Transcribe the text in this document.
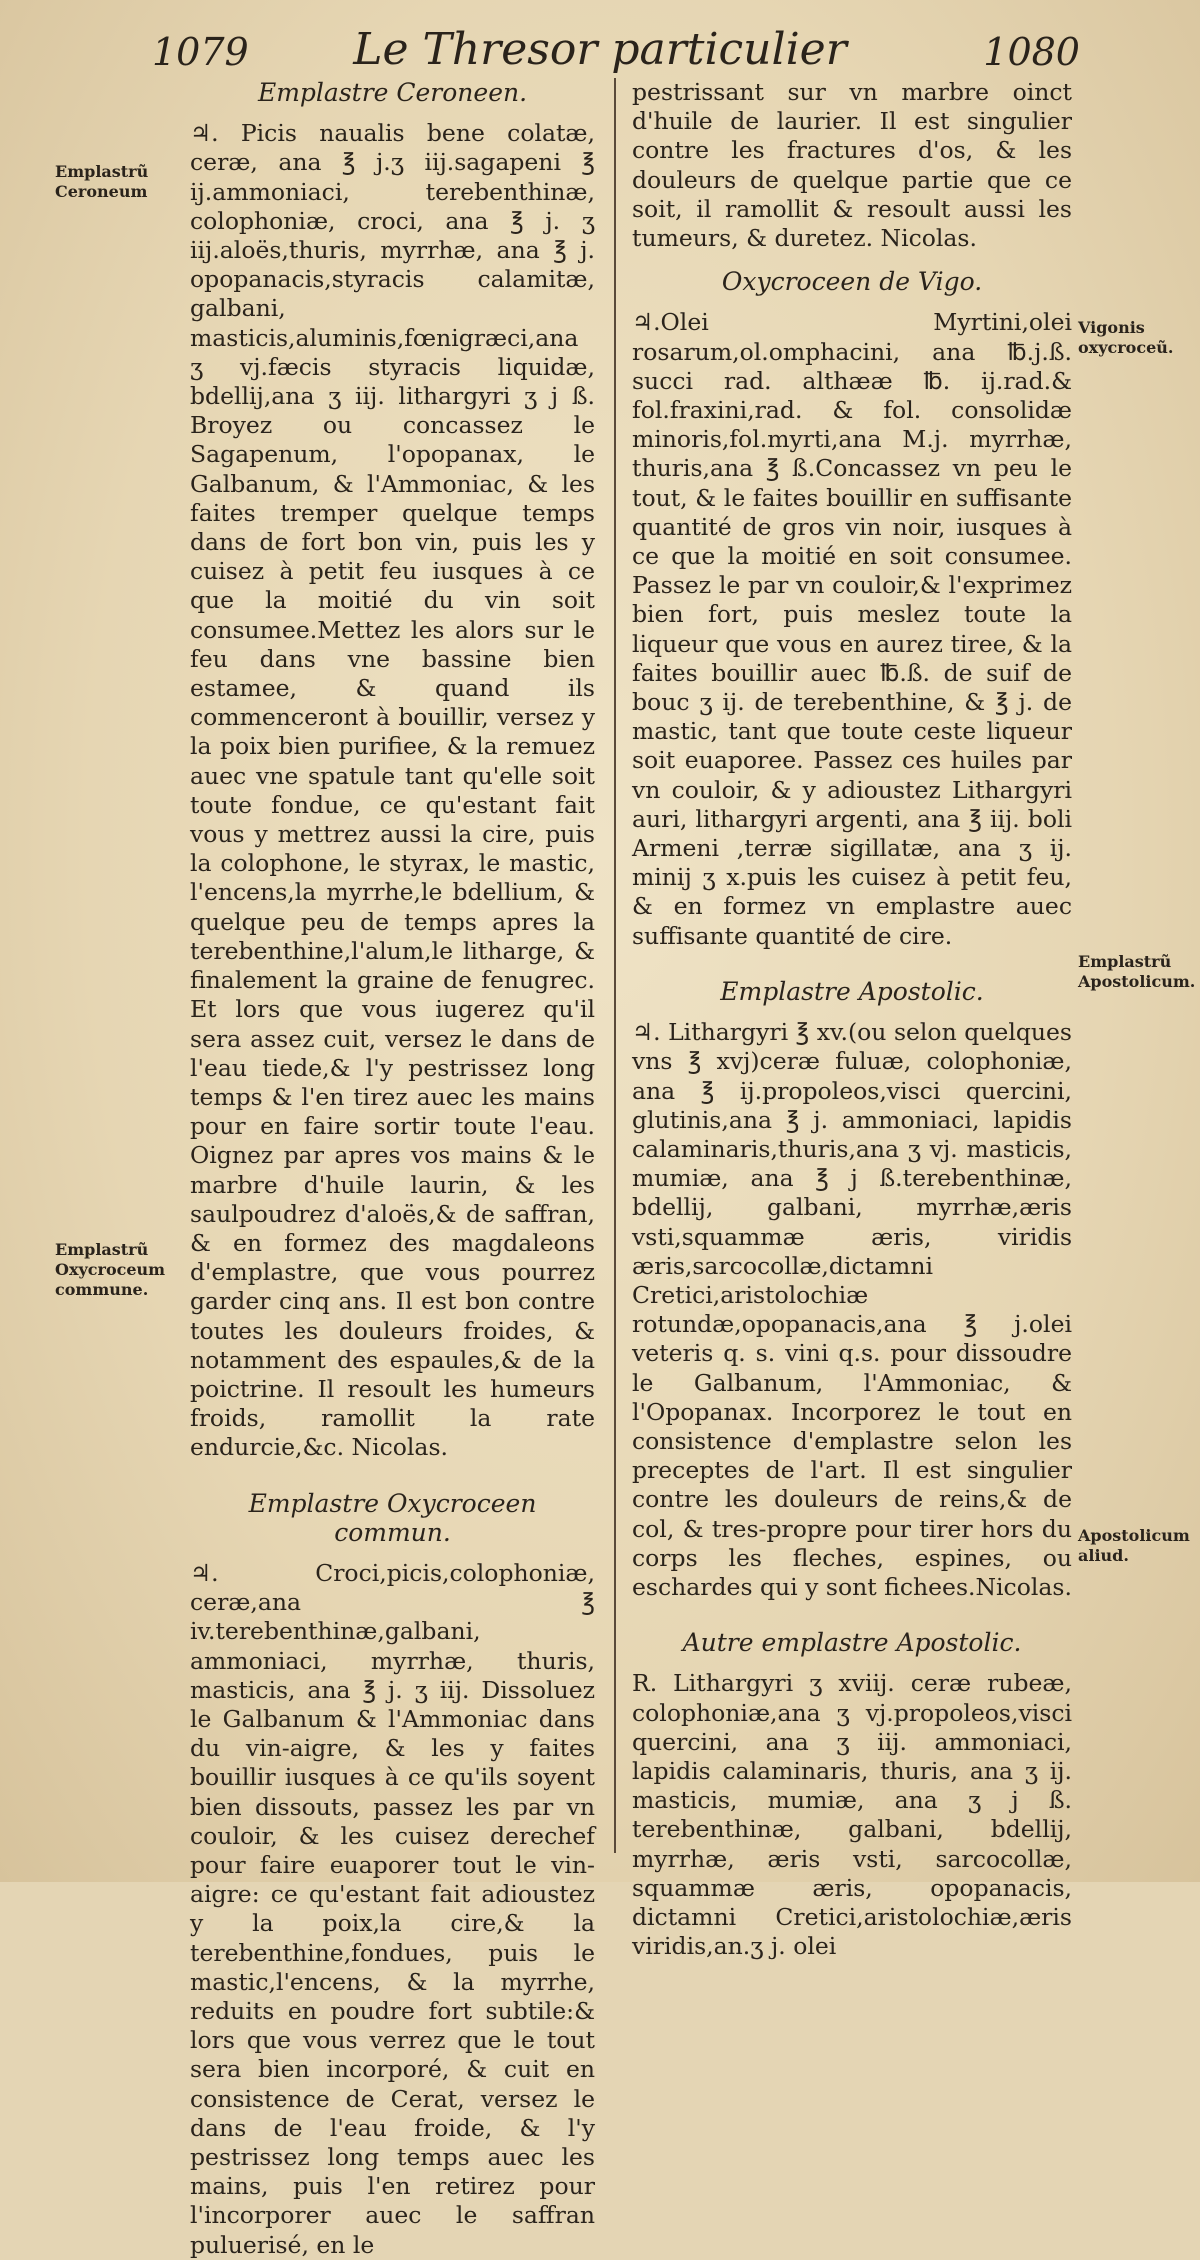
1079	Le Thresor particulier	1080
Emplastre Ceroneen.

♃. Picis naualis bene colatæ, ceræ, ana ℥ j.ʒ iij.sagapeni ℥ ij.ammoniaci, terebenthinæ, colophoniæ, croci, ana ℥ j. ʒ iij.aloës,thuris, myrrhæ, ana ℥ j. opopanacis,styracis calamitæ, galbani, masticis,aluminis,fœnigræci,ana ʒ vj.fæcis styracis liquidæ, bdellij,ana ʒ iij. lithargyri ʒ j ß. Broyez ou concassez le Sagapenum, l'opopanax, le Galbanum, & l'Ammoniac, & les faites tremper quelque temps dans de fort bon vin, puis les y cuisez à petit feu iusques à ce que la moitié du vin soit consumee.Mettez les alors sur le feu dans vne bassine bien estamee, & quand ils commenceront à bouillir, versez y la poix bien purifiee, & la remuez auec vne spatule tant qu'elle soit toute fondue, ce qu'estant fait vous y mettrez aussi la cire, puis la colophone, le styrax, le mastic, l'encens,la myrrhe,le bdellium, & quelque peu de temps apres la terebenthine,l'alum,le litharge, & finalement la graine de fenugrec. Et lors que vous iugerez qu'il sera assez cuit, versez le dans de l'eau tiede,& l'y pestrissez long temps & l'en tirez auec les mains pour en faire sortir toute l'eau. Oignez par apres vos mains & le marbre d'huile laurin, & les saulpoudrez d'aloës,& de saffran, & en formez des magdaleons d'emplastre, que vous pourrez garder cinq ans. Il est bon contre toutes les douleurs froides, & notamment des espaules,& de la poictrine. Il resoult les humeurs froids, ramollit la rate endurcie,&c. Nicolas.

Emplastre Oxycroceen commun.

♃. Croci,picis,colophoniæ, ceræ,ana ℥ iv.terebenthinæ,galbani, ammoniaci, myrrhæ, thuris, masticis, ana ℥ j. ʒ iij. Dissoluez le Galbanum & l'Ammoniac dans du vin-aigre, & les y faites bouillir iusques à ce qu'ils soyent bien dissouts, passez les par vn couloir, & les cuisez derechef pour faire euaporer tout le vin-aigre: ce qu'estant fait adioustez y la poix,la cire,& la terebenthine,fondues, puis le mastic,l'encens, & la myrrhe, reduits en poudre fort subtile:& lors que vous verrez que le tout sera bien incorporé, & cuit en consistence de Cerat, versez le dans de l'eau froide, & l'y pestrissez long temps auec les mains, puis l'en retirez pour l'incorporer auec le saffran puluerisé, en le

pestrissant sur vn marbre oinct d'huile de laurier. Il est singulier contre les fractures d'os, & les douleurs de quelque partie que ce soit, il ramollit & resoult aussi les tumeurs, & duretez. Nicolas.

Oxycroceen de Vigo.

♃.Olei Myrtini,olei rosarum,ol.omphacini, ana ℔.j.ß. succi rad. althææ ℔. ij.rad.& fol.fraxini,rad. & fol. consolidæ minoris,fol.myrti,ana M.j. myrrhæ, thuris,ana ℥ ß.Concassez vn peu le tout, & le faites bouillir en suffisante quantité de gros vin noir, iusques à ce que la moitié en soit consumee. Passez le par vn couloir,& l'exprimez bien fort, puis meslez toute la liqueur que vous en aurez tiree, & la faites bouillir auec ℔.ß. de suif de bouc ʒ ij. de terebenthine, & ℥ j. de mastic, tant que toute ceste liqueur soit euaporee. Passez ces huiles par vn couloir, & y adioustez Lithargyri auri, lithargyri argenti, ana ℥ iij. boli Armeni ,terræ sigillatæ, ana ʒ ij. minij ʒ x.puis les cuisez à petit feu, & en formez vn emplastre auec suffisante quantité de cire.

Emplastre Apostolic.

♃. Lithargyri ℥ xv.(ou selon quelques vns ℥ xvj)ceræ fuluæ, colophoniæ, ana ℥ ij.propoleos,visci quercini, glutinis,ana ℥ j. ammoniaci, lapidis calaminaris,thuris,ana ʒ vj. masticis, mumiæ, ana ℥ j ß.terebenthinæ, bdellij, galbani, myrrhæ,æris vsti,squammæ æris, viridis æris,sarcocollæ,dictamni Cretici,aristolochiæ rotundæ,opopanacis,ana ℥ j.olei veteris q. s. vini q.s. pour dissoudre le Galbanum, l'Ammoniac, & l'Opopanax. Incorporez le tout en consistence d'emplastre selon les preceptes de l'art. Il est singulier contre les douleurs de reins,& de col, & tres-propre pour tirer hors du corps les fleches, espines, ou eschardes qui y sont fichees.Nicolas.

Autre emplastre Apostolic.

R. Lithargyri ʒ xviij. ceræ rubeæ, colophoniæ,ana ʒ vj.propoleos,visci quercini, ana ʒ iij. ammoniaci, lapidis calaminaris, thuris, ana ʒ ij. masticis, mumiæ, ana ʒ j ß. terebenthinæ, galbani, bdellij, myrrhæ, æris vsti, sarcocollæ, squammæ æris, opopanacis, dictamni Cretici,aristolochiæ,æris viridis,an.ʒ j. olei

Emplastrũ Ceroneum
Emplastrũ Oxycroceum commune.
Vigonis oxycroceũ.
Emplastrũ Apostolicum.
Apostolicum aliud.
